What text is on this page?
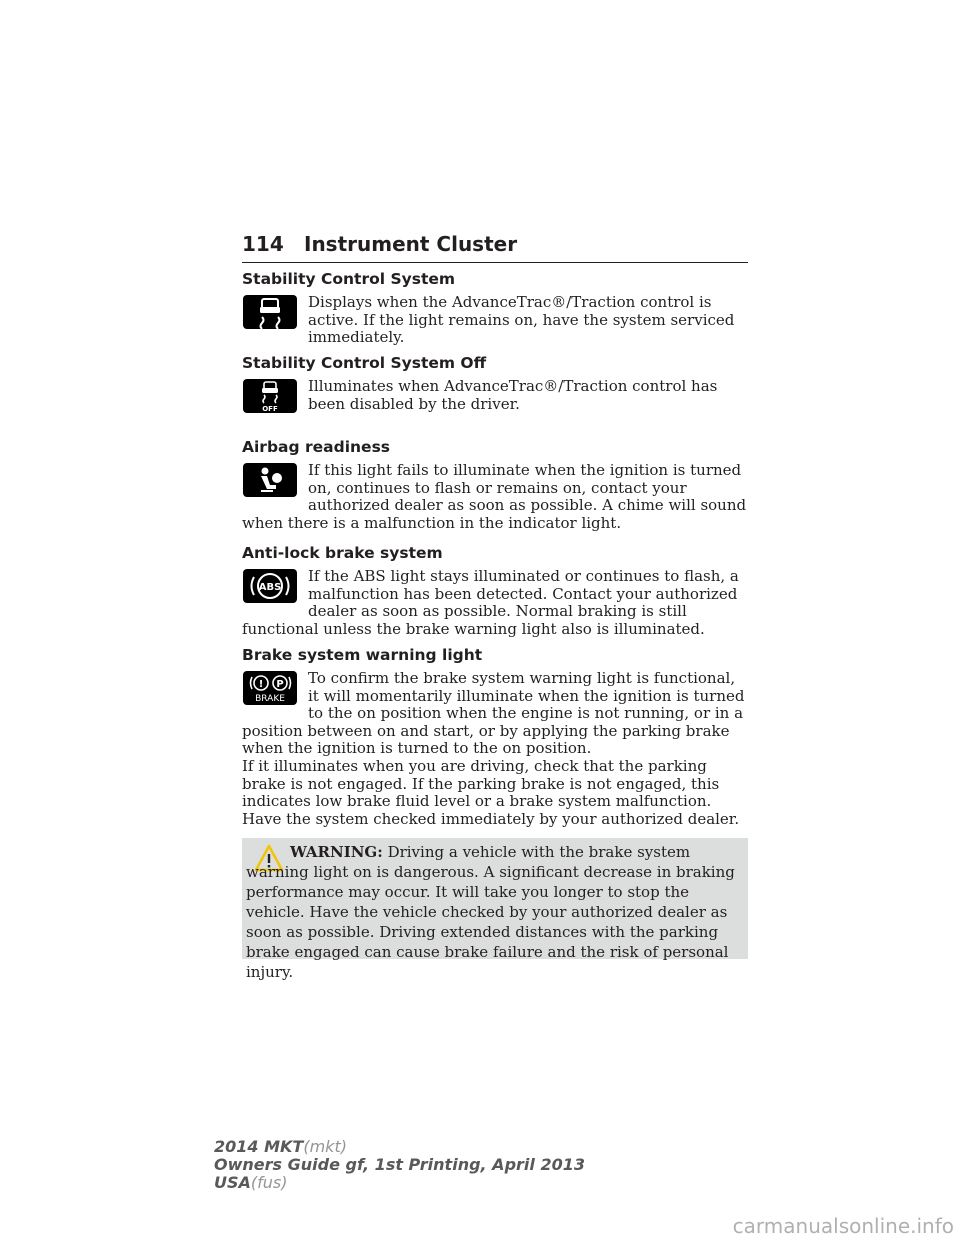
114 Instrument Cluster
Stability Control System

Displays when the AdvanceTrac®/Traction control is active. If the light remains on, have the system serviced immediately.

Stability Control System Off
OFF

Illuminates when AdvanceTrac®/Traction control has been disabled by the driver.

Airbag readiness

If this light fails to illuminate when the ignition is turned on, continues to flash or remains on, contact your authorized dealer as soon as possible. A chime will sound when there is a malfunction in the indicator light.

Anti-lock brake system
ABS

If the ABS light stays illuminated or continues to flash, a malfunction has been detected. Contact your authorized dealer as soon as possible. Normal braking is still functional unless the brake warning light also is illuminated.

Brake system warning light
! P
BRAKE

To confirm the brake system warning light is functional, it will momentarily illuminate when the ignition is turned to the on position when the engine is not running, or in a position between on and start, or by applying the parking brake when the ignition is turned to the on position.

If it illuminates when you are driving, check that the parking brake is not engaged. If the parking brake is not engaged, this indicates low brake fluid level or a brake system malfunction. Have the system checked immediately by your authorized dealer.

WARNING: Driving a vehicle with the brake system warning light on is dangerous. A significant decrease in braking performance may occur. It will take you longer to stop the vehicle. Have the vehicle checked by your authorized dealer as soon as possible. Driving extended distances with the parking brake engaged can cause brake failure and the risk of personal injury.

2014 MKT(mkt)
Owners Guide gf, 1st Printing, April 2013
USA(fus)
carmanualsonline.info
